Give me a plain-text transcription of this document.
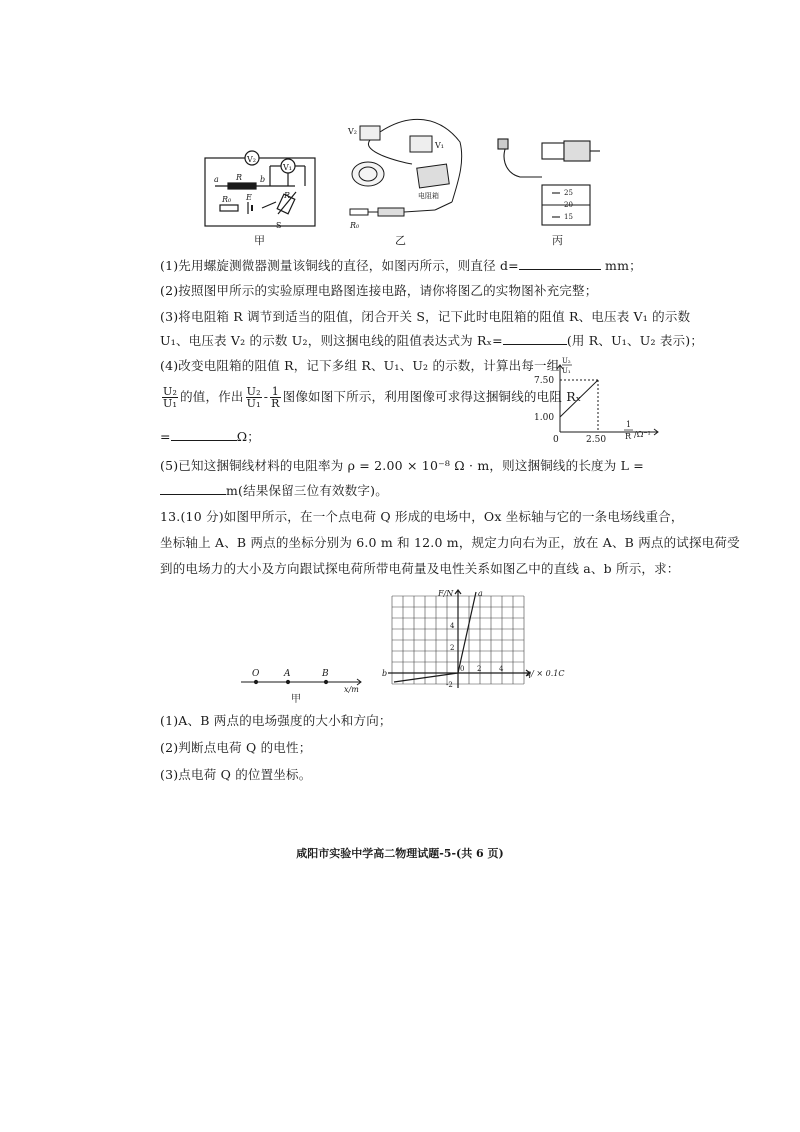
V₂
V₁
a R b
R₀ E	R
S
甲
V₂
V₁
电阻箱
R₀
乙
25
20
15
丙
(1)先用螺旋测微器测量该铜线的直径，如图丙所示，则直径 d=	mm；
(2)按照图甲所示的实验原理电路图连接电路，请你将图乙的实物图补充完整；
(3)将电阻箱 R 调节到适当的阻值，闭合开关 S，记下此时电阻箱的阻值 R、电压表 V₁ 的示数
U₁、电压表 V₂ 的示数 U₂，则这捆电线的阻值表达式为 Rₓ=	(用 R、U₁、U₂ 表示)；
(4)改变电阻箱的阻值 R，记下多组 R、U₁、U₂ 的示数，计算出每一组
$\frac{\text{U₂}}{\text{U₁}}$ 的值，作出 $\frac{\text{U₂}}{\text{U₁}} - \frac{1}{R}$ 图像如图下所示，利用图像可求得这捆铜线的电阻 Rₓ
=	Ω；
U₂
U₁
7.50
1.00
0	2.50
1
R /Ω⁻¹
(5)已知这捆铜线材料的电阻率为 ρ = 2.00 × 10⁻⁸ Ω · m，则这捆铜线的长度为 L =
m(结果保留三位有效数字)。
13.(10 分)如图甲所示，在一个点电荷 Q 形成的电场中，Ox 坐标轴与它的一条电场线重合，
坐标轴上 A、B 两点的坐标分别为 6.0 m 和 12.0 m，规定力向右为正，放在 A、B 两点的试探电荷受
到的电场力的大小及方向跟试探电荷所带电荷量及电性关系如图乙中的直线 a、b 所示，求：
O	A	B
x/m
甲
F/N	a
b
4
2
-2
0 2	4	q/ × 0.1C
(1)A、B 两点的电场强度的大小和方向；
(2)判断点电荷 Q 的电性；
(3)点电荷 Q 的位置坐标。
咸阳市实验中学高二物理试题-5-(共 6 页)
